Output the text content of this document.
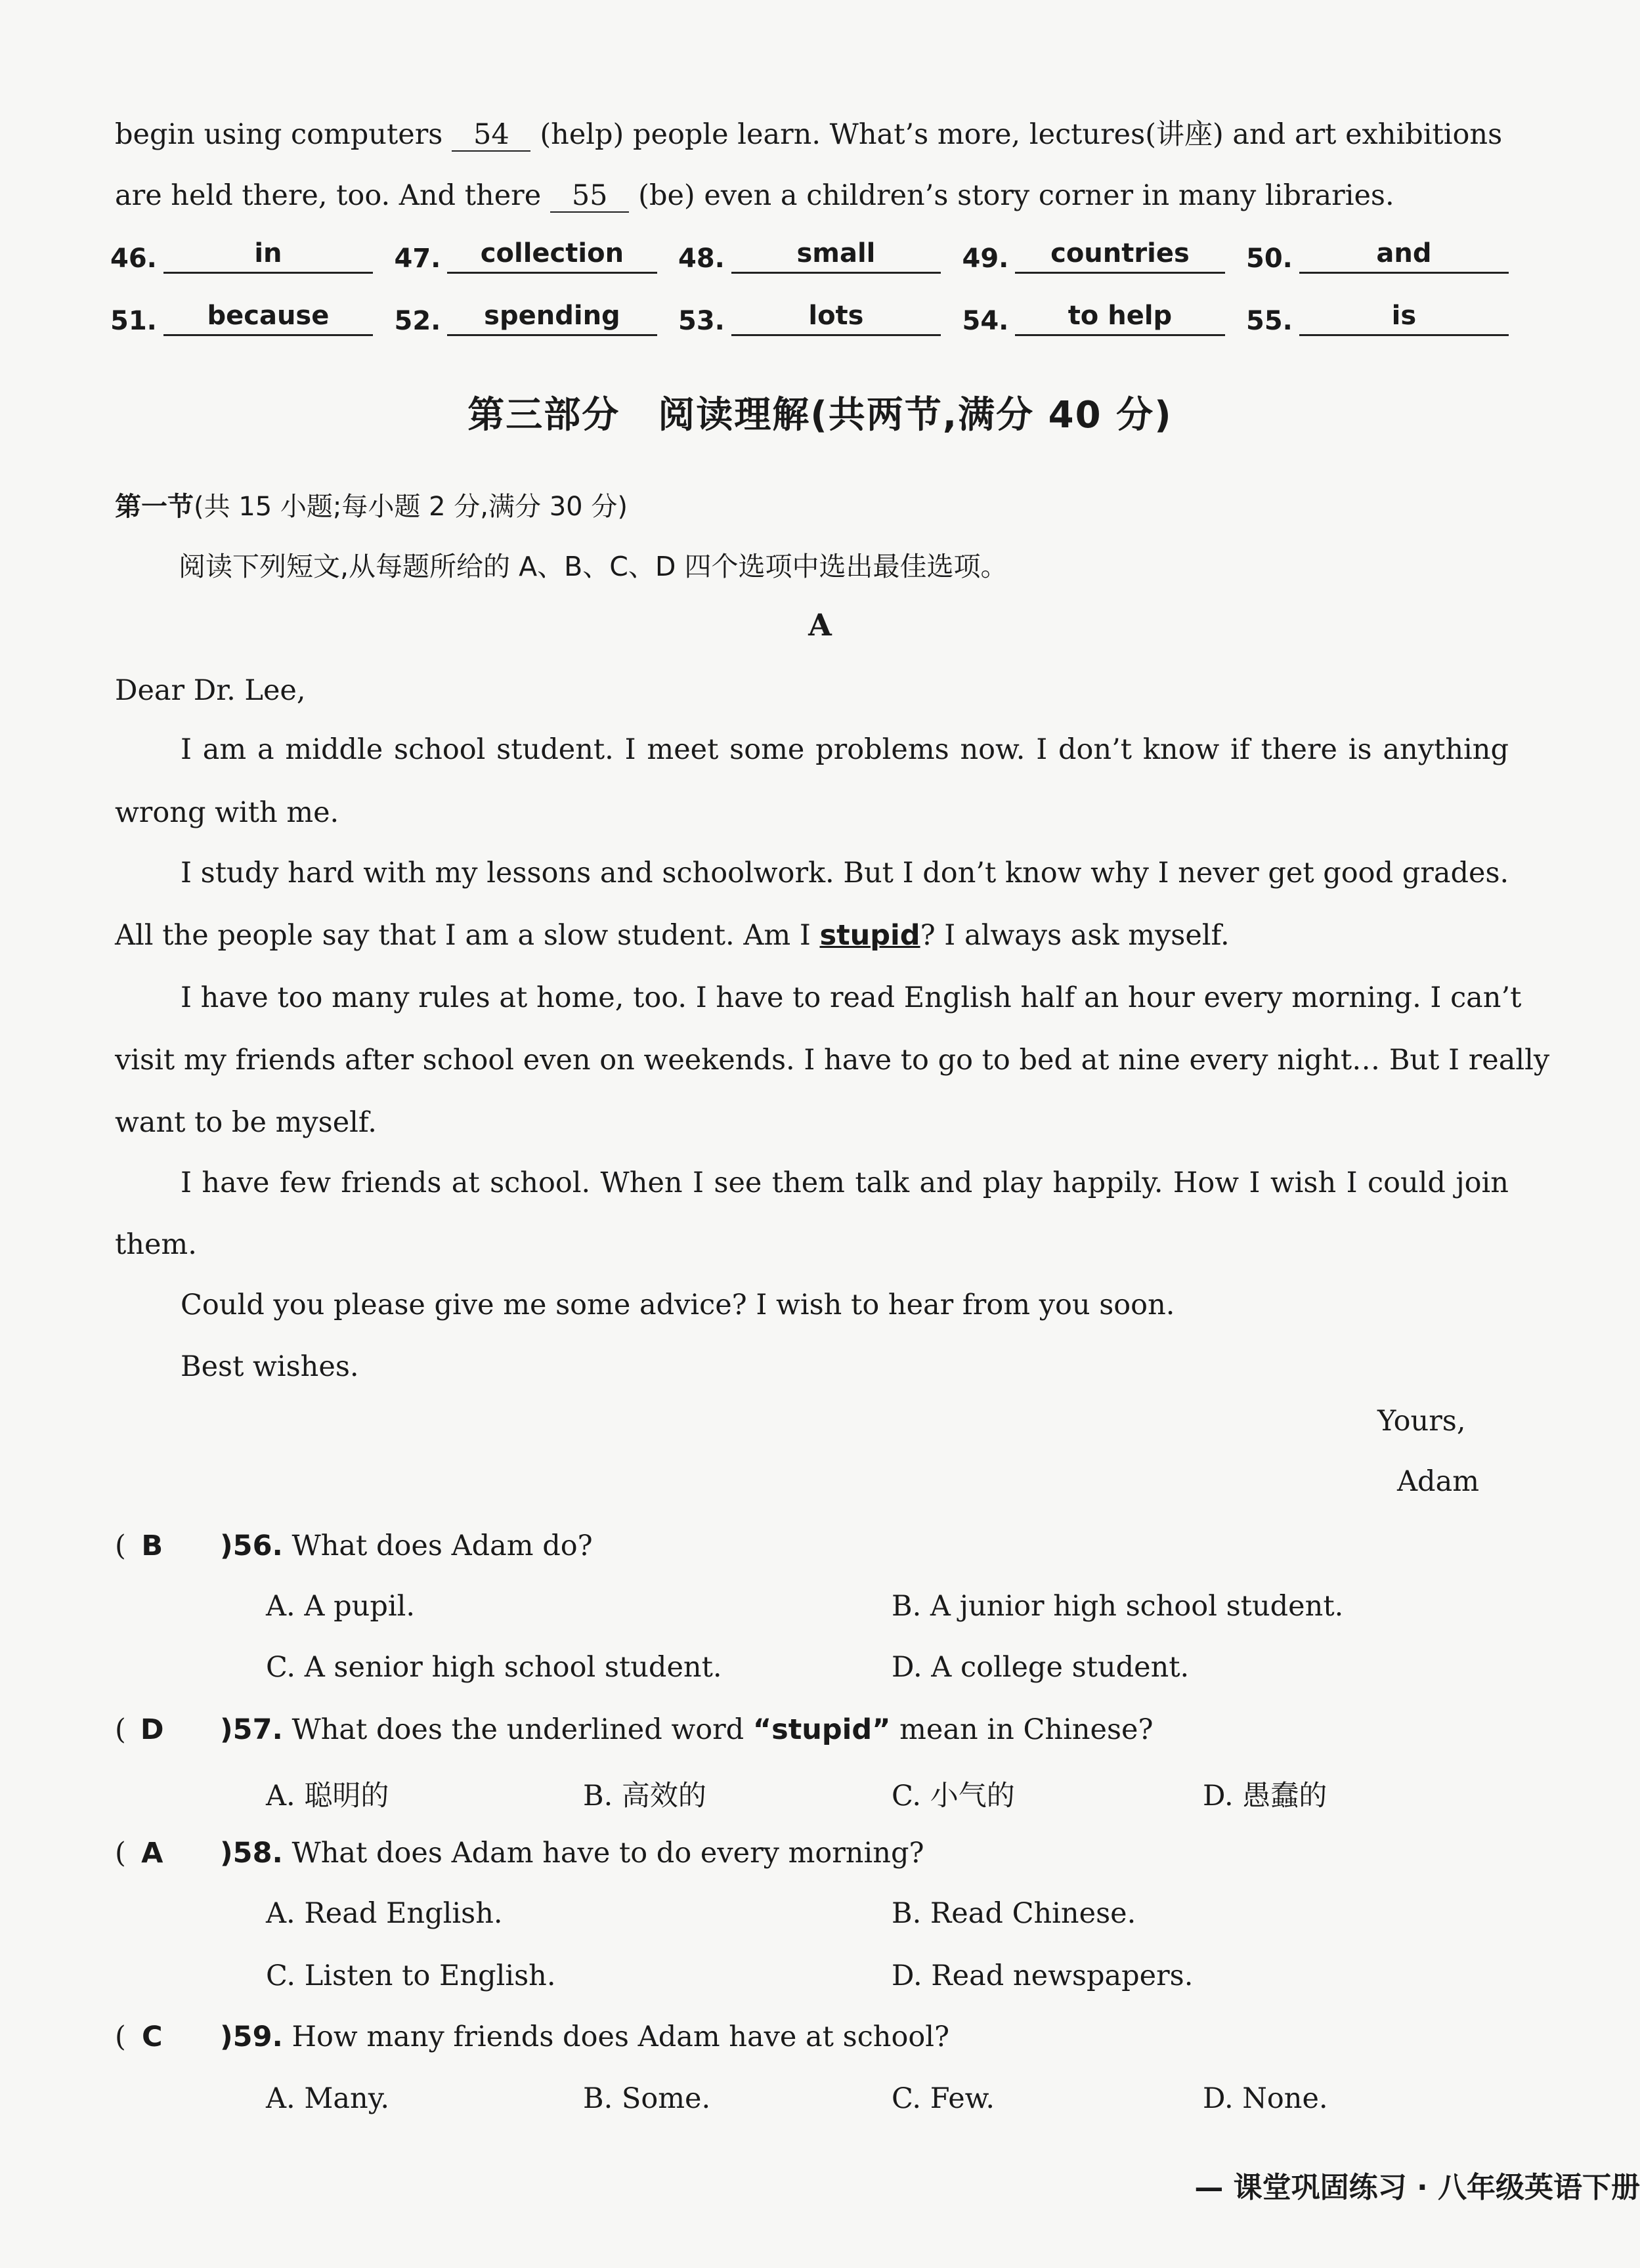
begin using computers 54 (help) people learn. What’s more, lectures(讲座) and art exhibitions
are held there, too. And there 55 (be) even a children’s story corner in many libraries.
46.	in	47.	collection	48.	small	49.	countries	50.	and
51.	because	52.	spending	53.	lots	54.	to help	55.	is
第三部分　阅读理解(共两节,满分 40 分)
第一节(共 15 小题;每小题 2 分,满分 30 分)
阅读下列短文,从每题所给的 A、B、C、D 四个选项中选出最佳选项。
A
Dear Dr. Lee,
I am a middle school student. I meet some problems now. I don’t know if there is anything
wrong with me.
I study hard with my lessons and schoolwork. But I don’t know why I never get good grades.
All the people say that I am a slow student. Am I stupid? I always ask myself.
I have too many rules at home, too. I have to read English half an hour every morning. I can’t
visit my friends after school even on weekends. I have to go to bed at nine every night… But I really
want to be myself.
I have few friends at school. When I see them talk and play happily. How I wish I could join
them.
Could you please give me some advice? I wish to hear from you soon.
Best wishes.
Yours,
Adam
( B )56. What does Adam do?
A. A pupil.	B. A junior high school student.
C. A senior high school student.	D. A college student.
( D )57. What does the underlined word “stupid” mean in Chinese?
A. 聪明的	B. 高效的	C. 小气的	D. 愚蠢的
( A )58. What does Adam have to do every morning?
A. Read English.	B. Read Chinese.
C. Listen to English.	D. Read newspapers.
( C )59. How many friends does Adam have at school?
A. Many.	B. Some.	C. Few.	D. None.
— 课堂巩固练习 · 八年级英语下册
